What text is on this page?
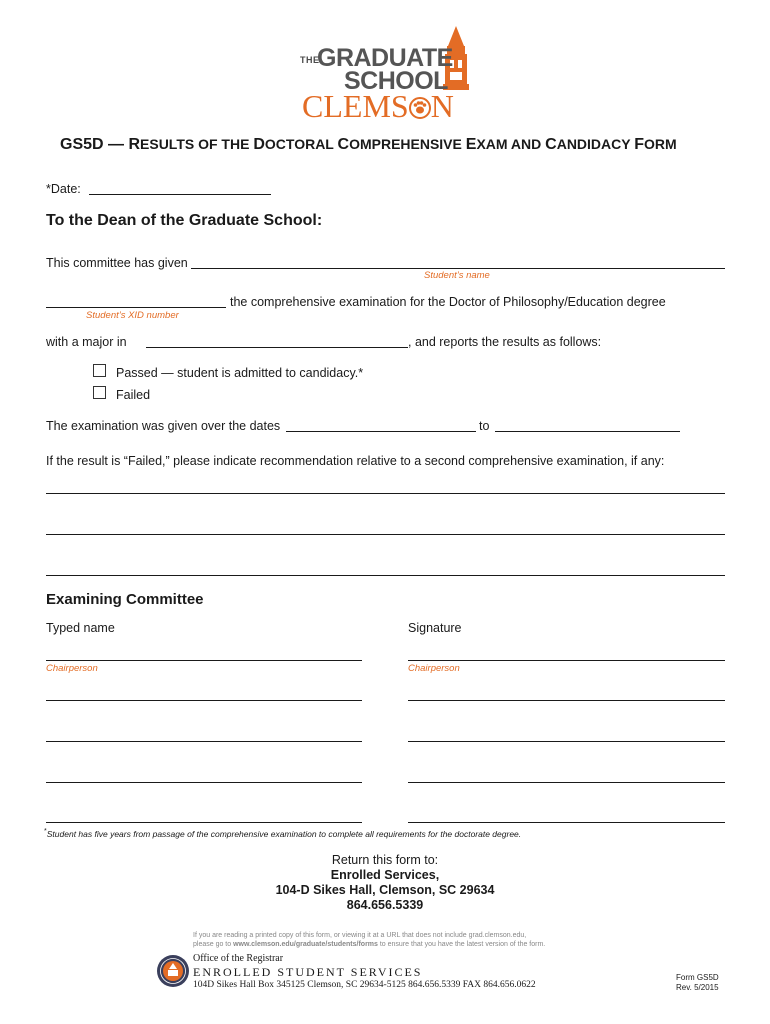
THE
GRADUATE
SCHOOL
CLEMS N
GS5D — RESULTS OF THE DOCTORAL COMPREHENSIVE EXAM AND CANDIDACY FORM
*Date:
To the Dean of the Graduate School:
This committee has given
Student’s name
the comprehensive examination for the Doctor of Philosophy/Education degree
Student’s XID number
with a major in	, and reports the results as follows:
Passed — student is admitted to candidacy.*
Failed
The examination was given over the dates	to
If the result is “Failed,” please indicate recommendation relative to a second comprehensive examination, if any:
Examining Committee
Typed name	Signature
Chairperson	Chairperson
*Student has five years from passage of the comprehensive examination to complete all requirements for the doctorate degree.
Return this form to:
Enrolled Services,
104-D Sikes Hall, Clemson, SC 29634
864.656.5339
If you are reading a printed copy of this form, or viewing it at a URL that does not include grad.clemson.edu,
please go to www.clemson.edu/graduate/students/forms to ensure that you have the latest version of the form.
Office of the Registrar
ENROLLED STUDENT SERVICES
104D Sikes Hall Box 345125 Clemson, SC 29634-5125 864.656.5339 FAX 864.656.0622
Form GS5D
Rev. 5/2015
